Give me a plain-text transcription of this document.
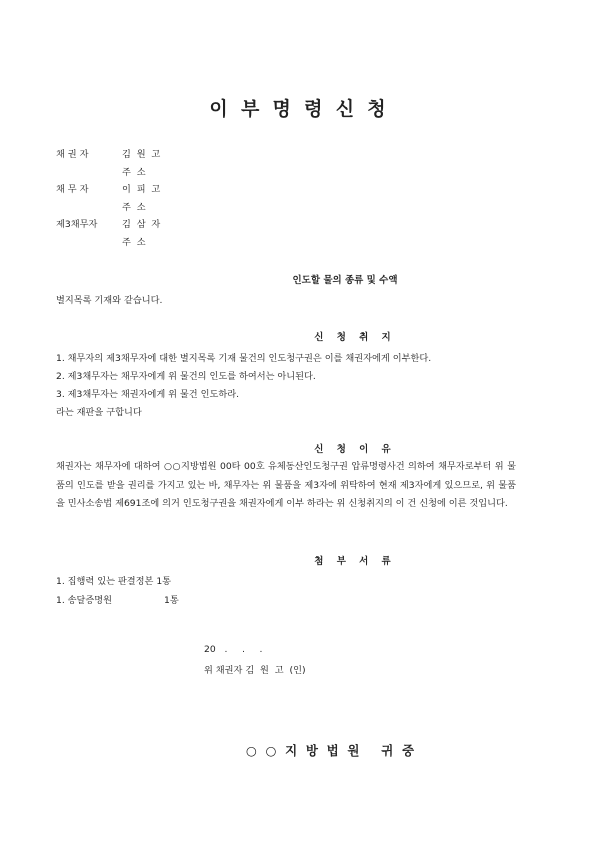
이  부  명  령  신  청
채 권 자	김  원  고
주  소
채 무 자	이  피  고
주  소
제3채무자	김  삼  자
주  소
인도할 물의 종류 및 수액
별지목록 기재와 같습니다.
신    청    취    지
1. 채무자의 제3채무자에 대한 별지목록 기재 물건의 인도청구권은 이를 채권자에게 이부한다.
2. 제3채무자는 채무자에게 위 물건의 인도를 하여서는 아니된다.
3. 제3채무자는 채권자에게 위 물건 인도하라.
라는 재판을 구합니다
신    청    이    유
채권자는 채무자에 대하여 ○○지방법원 00타 00호 유체동산인도청구권 압류명령사건 의하여 채무자로부터 위 물품의 인도를 받을 권리를 가지고 있는 바, 채무자는 위 물품을 제3자에 위탁하여 현재 제3자에게 있으므로, 위 물품을 민사소송법 제691조에 의거 인도청구권을 채권자에게 이부 하라는 위 신청취지의 이 건 신청에 이른 것입니다.
첨    부    서    류
1. 집행력 있는 판결정본 1통
1. 송달증명원	1통
20   .     .     .
위 채권자 김  원  고  (인)
○  ○  지  방  법  원     귀  중
